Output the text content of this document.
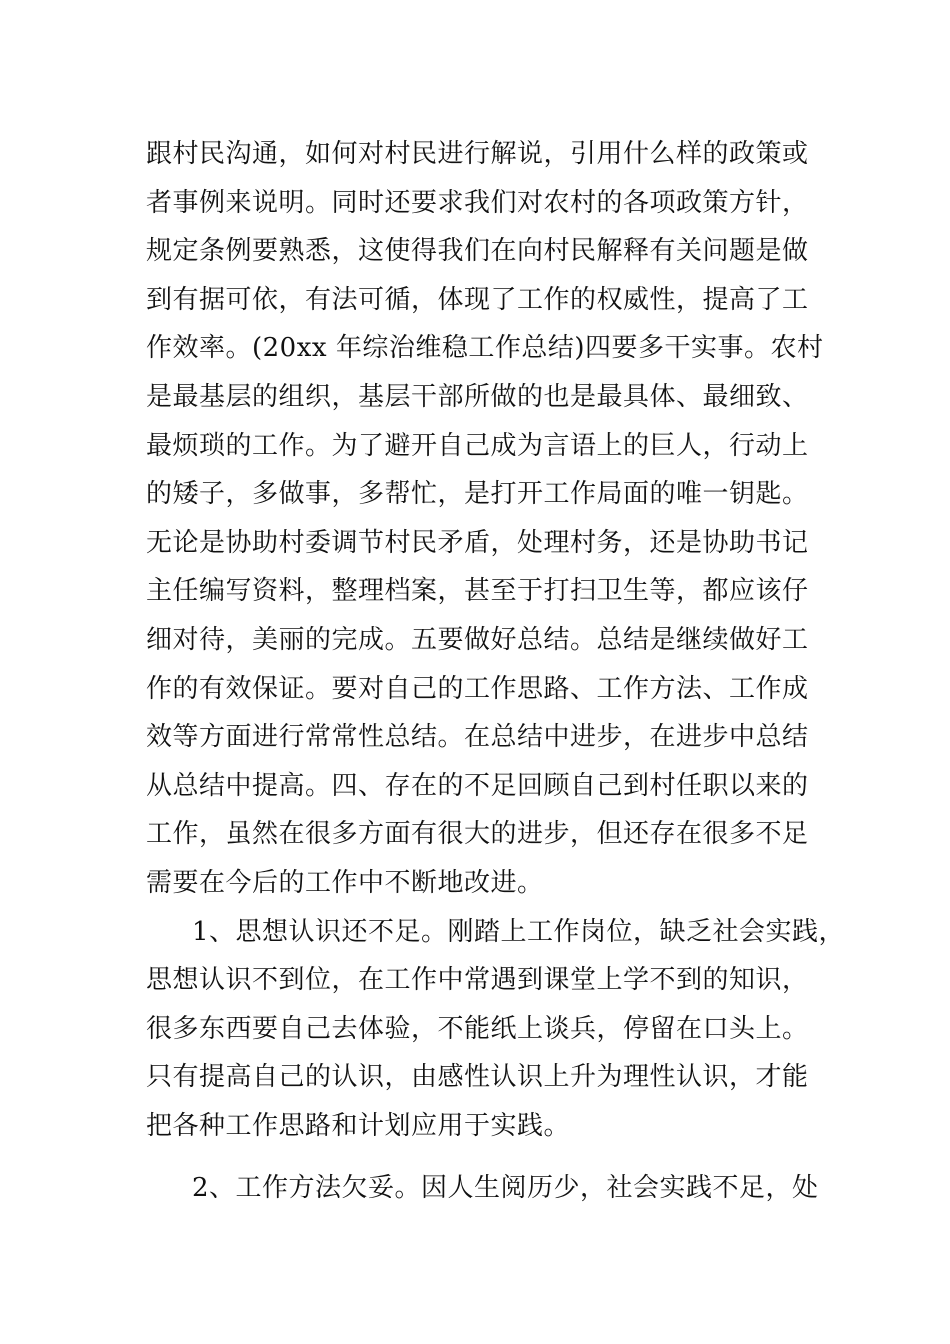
跟村民沟通，如何对村民进行解说，引用什么样的政策或
者事例来说明。同时还要求我们对农村的各项政策方针，
规定条例要熟悉，这使得我们在向村民解释有关问题是做
到有据可依，有法可循，体现了工作的权威性，提高了工
作效率。(20xx 年综治维稳工作总结)四要多干实事。农村
是最基层的组织，基层干部所做的也是最具体、最细致、
最烦琐的工作。为了避开自己成为言语上的巨人，行动上
的矮子，多做事，多帮忙，是打开工作局面的唯一钥匙。
无论是协助村委调节村民矛盾，处理村务，还是协助书记
主任编写资料，整理档案，甚至于打扫卫生等，都应该仔
细对待，美丽的完成。五要做好总结。总结是继续做好工
作的有效保证。要对自己的工作思路、工作方法、工作成
效等方面进行常常性总结。在总结中进步，在进步中总结
从总结中提高。四、存在的不足回顾自己到村任职以来的
工作，虽然在很多方面有很大的进步，但还存在很多不足
需要在今后的工作中不断地改进。
1、思想认识还不足。刚踏上工作岗位，缺乏社会实践，
思想认识不到位，在工作中常遇到课堂上学不到的知识，
很多东西要自己去体验，不能纸上谈兵，停留在口头上。
只有提高自己的认识，由感性认识上升为理性认识，才能
把各种工作思路和计划应用于实践。
2、工作方法欠妥。因人生阅历少，社会实践不足，处
